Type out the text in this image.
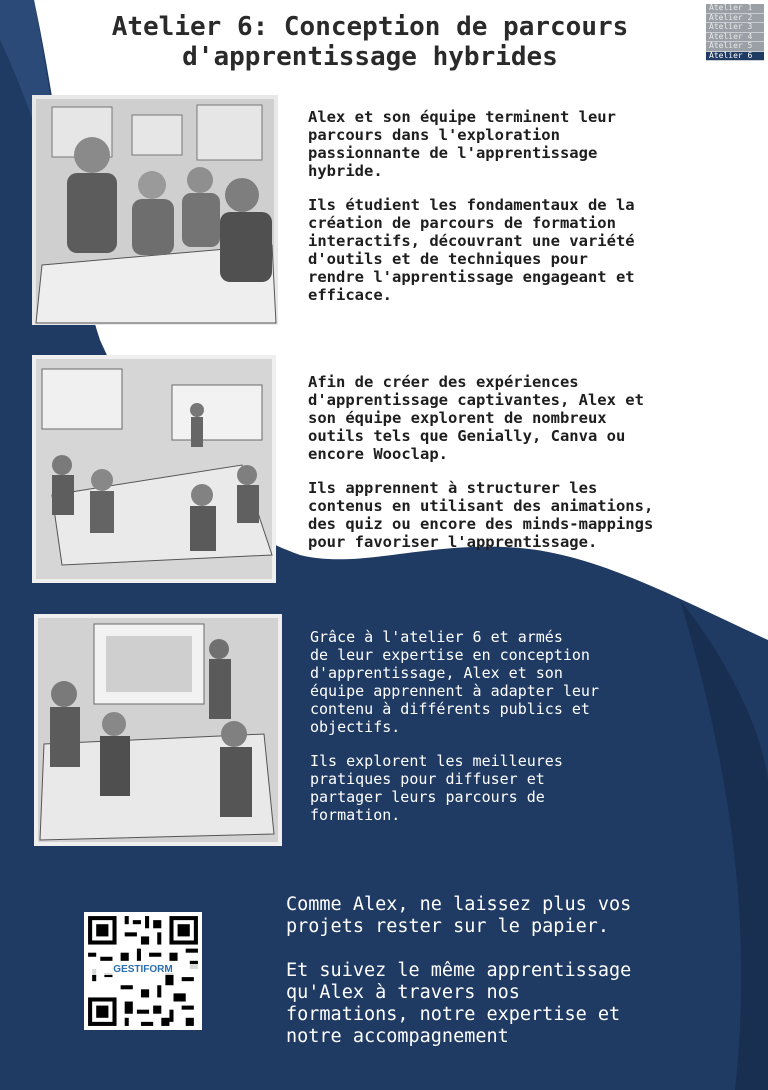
Atelier 6: Conception de parcours
d'apprentissage hybrides
Atelier 1
Atelier 2
Atelier 3
Atelier 4
Atelier 5
Atelier 6

Alex et son équipe terminent leur
parcours dans l'exploration
passionnante de l'apprentissage
hybride.

Ils étudient les fondamentaux de la
création de parcours de formation
interactifs, découvrant une variété
d'outils et de techniques pour
rendre l'apprentissage engageant et
efficace.

Afin de créer des expériences
d'apprentissage captivantes, Alex et
son équipe explorent de nombreux
outils tels que Genially, Canva ou
encore Wooclap.

Ils apprennent à structurer les
contenus en utilisant des animations,
des quiz ou encore des minds-mappings
pour favoriser l'apprentissage.

Grâce à l'atelier 6 et armés
de leur expertise en conception
d'apprentissage, Alex et son
équipe apprennent à adapter leur
contenu à différents publics et
objectifs.

Ils explorent les meilleures
pratiques pour diffuser et
partager leurs parcours de
formation.

GESTIFORM

Comme Alex, ne laissez plus vos
projets rester sur le papier.

Et suivez le même apprentissage
qu'Alex à travers nos
formations, notre expertise et
notre accompagnement
